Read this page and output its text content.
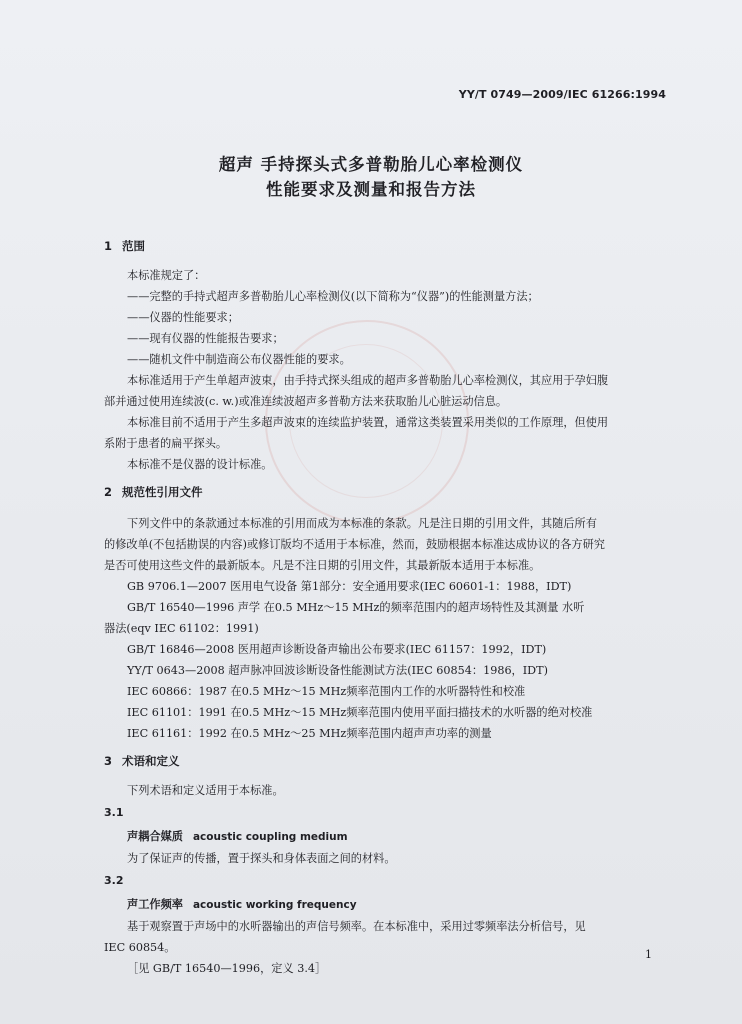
YY/T 0749—2009/IEC 61266:1994
超声 手持探头式多普勒胎儿心率检测仪
性能要求及测量和报告方法
1 范围
本标准规定了：
——完整的手持式超声多普勒胎儿心率检测仪(以下简称为“仪器”)的性能测量方法；
——仪器的性能要求；
——现有仪器的性能报告要求；
——随机文件中制造商公布仪器性能的要求。
本标准适用于产生单超声波束，由手持式探头组成的超声多普勒胎儿心率检测仪，其应用于孕妇腹
部并通过使用连续波(c. w.)或准连续波超声多普勒方法来获取胎儿心脏运动信息。
本标准目前不适用于产生多超声波束的连续监护装置，通常这类装置采用类似的工作原理，但使用
系附于患者的扁平探头。
本标准不是仪器的设计标准。
2 规范性引用文件
下列文件中的条款通过本标准的引用而成为本标准的条款。凡是注日期的引用文件，其随后所有
的修改单(不包括勘误的内容)或修订版均不适用于本标准，然而，鼓励根据本标准达成协议的各方研究
是否可使用这些文件的最新版本。凡是不注日期的引用文件，其最新版本适用于本标准。
GB 9706.1—2007 医用电气设备 第1部分：安全通用要求(IEC 60601-1：1988，IDT)
GB/T 16540—1996 声学 在0.5 MHz～15 MHz的频率范围内的超声场特性及其测量 水听
器法(eqv IEC 61102：1991)
GB/T 16846—2008 医用超声诊断设备声输出公布要求(IEC 61157：1992，IDT)
YY/T 0643—2008 超声脉冲回波诊断设备性能测试方法(IEC 60854：1986，IDT)
IEC 60866：1987 在0.5 MHz～15 MHz频率范围内工作的水听器特性和校准
IEC 61101：1991 在0.5 MHz～15 MHz频率范围内使用平面扫描技术的水听器的绝对校准
IEC 61161：1992 在0.5 MHz～25 MHz频率范围内超声声功率的测量
3 术语和定义
下列术语和定义适用于本标准。
3.1
声耦合媒质 acoustic coupling medium
为了保证声的传播，置于探头和身体表面之间的材料。
3.2
声工作频率 acoustic working frequency
基于观察置于声场中的水听器输出的声信号频率。在本标准中，采用过零频率法分析信号，见
IEC 60854。
［见 GB/T 16540—1996，定义 3.4］
1
